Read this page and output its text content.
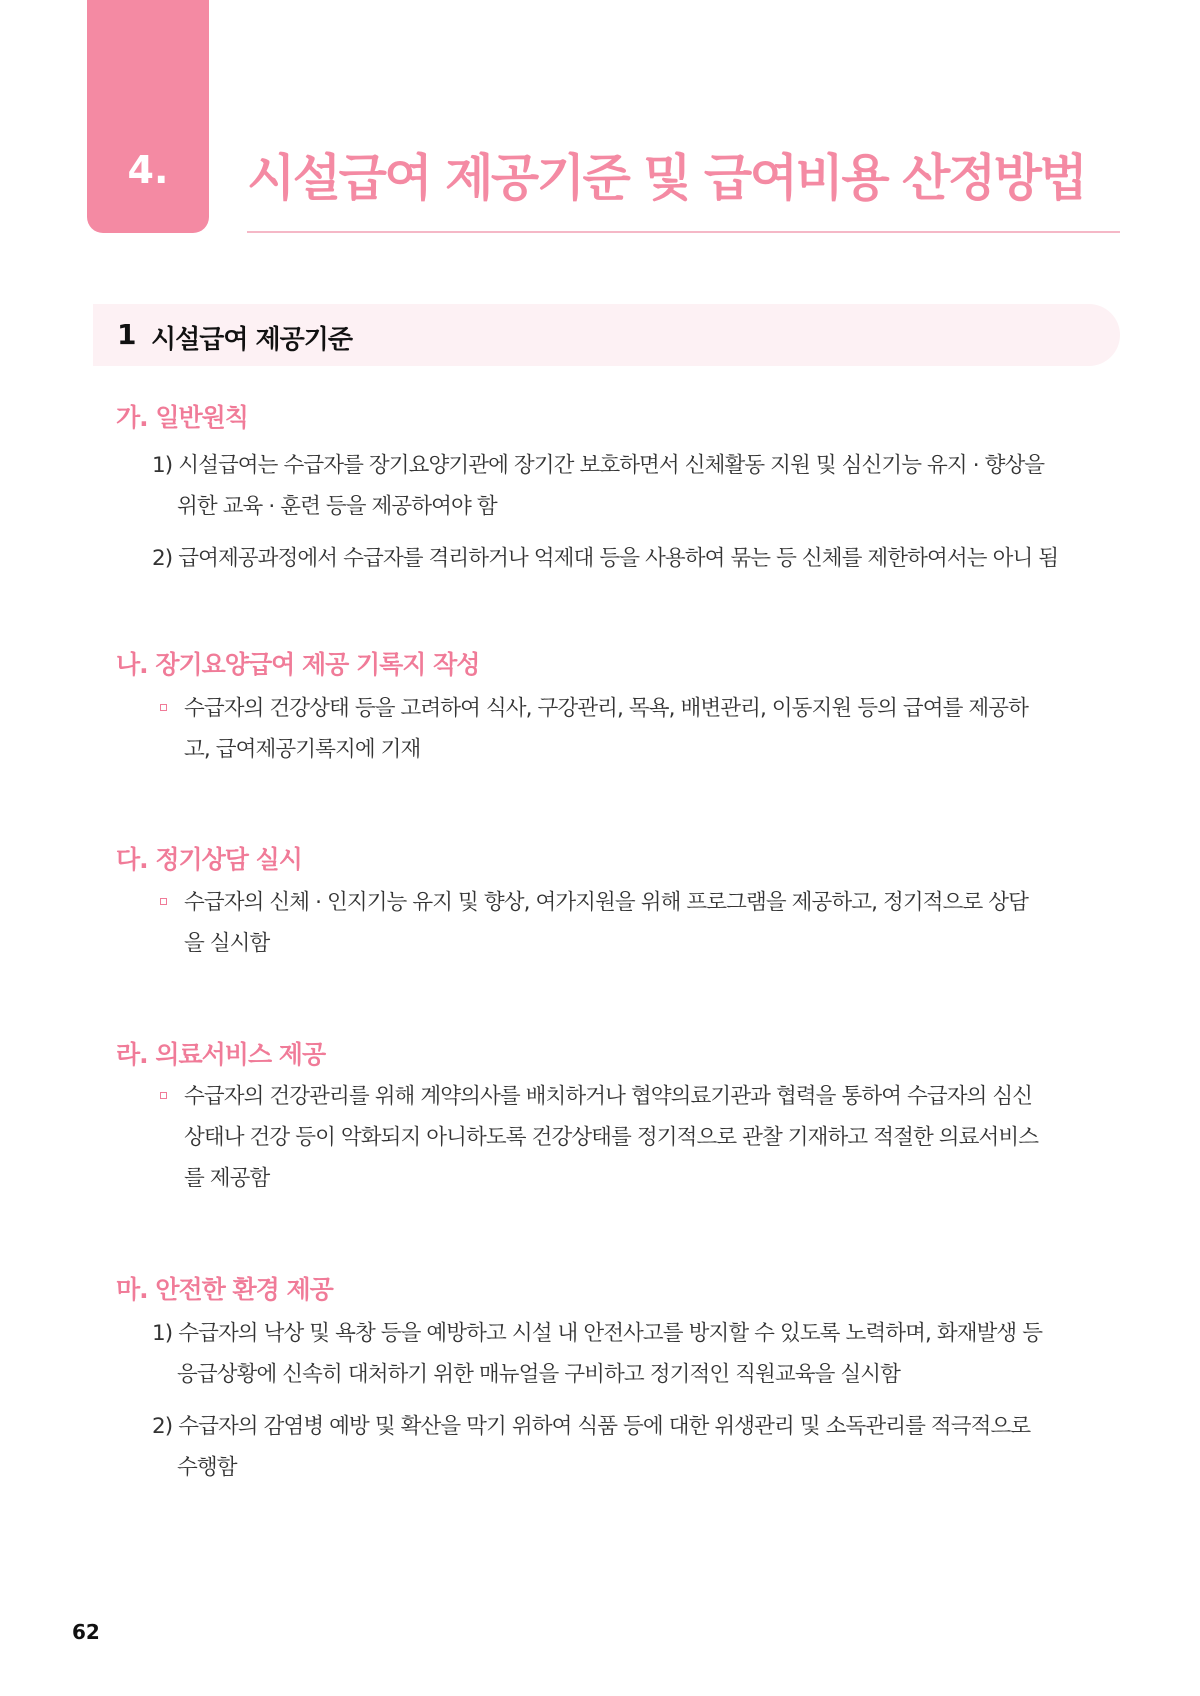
4.	시설급여 제공기준 및 급여비용 산정방법
1 시설급여 제공기준
가. 일반원칙
1) 시설급여는 수급자를 장기요양기관에 장기간 보호하면서 신체활동 지원 및 심신기능 유지 · 향상을
위한 교육 · 훈련 등을 제공하여야 함
2) 급여제공과정에서 수급자를 격리하거나 억제대 등을 사용하여 묶는 등 신체를 제한하여서는 아니 됨
나. 장기요양급여 제공 기록지 작성
수급자의 건강상태 등을 고려하여 식사, 구강관리, 목욕, 배변관리, 이동지원 등의 급여를 제공하
고, 급여제공기록지에 기재
다. 정기상담 실시
수급자의 신체 · 인지기능 유지 및 향상, 여가지원을 위해 프로그램을 제공하고, 정기적으로 상담
을 실시함
라. 의료서비스 제공
수급자의 건강관리를 위해 계약의사를 배치하거나 협약의료기관과 협력을 통하여 수급자의 심신
상태나 건강 등이 악화되지 아니하도록 건강상태를 정기적으로 관찰 기재하고 적절한 의료서비스
를 제공함
마. 안전한 환경 제공
1) 수급자의 낙상 및 욕창 등을 예방하고 시설 내 안전사고를 방지할 수 있도록 노력하며, 화재발생 등
응급상황에 신속히 대처하기 위한 매뉴얼을 구비하고 정기적인 직원교육을 실시함
2) 수급자의 감염병 예방 및 확산을 막기 위하여 식품 등에 대한 위생관리 및 소독관리를 적극적으로
수행함
62
